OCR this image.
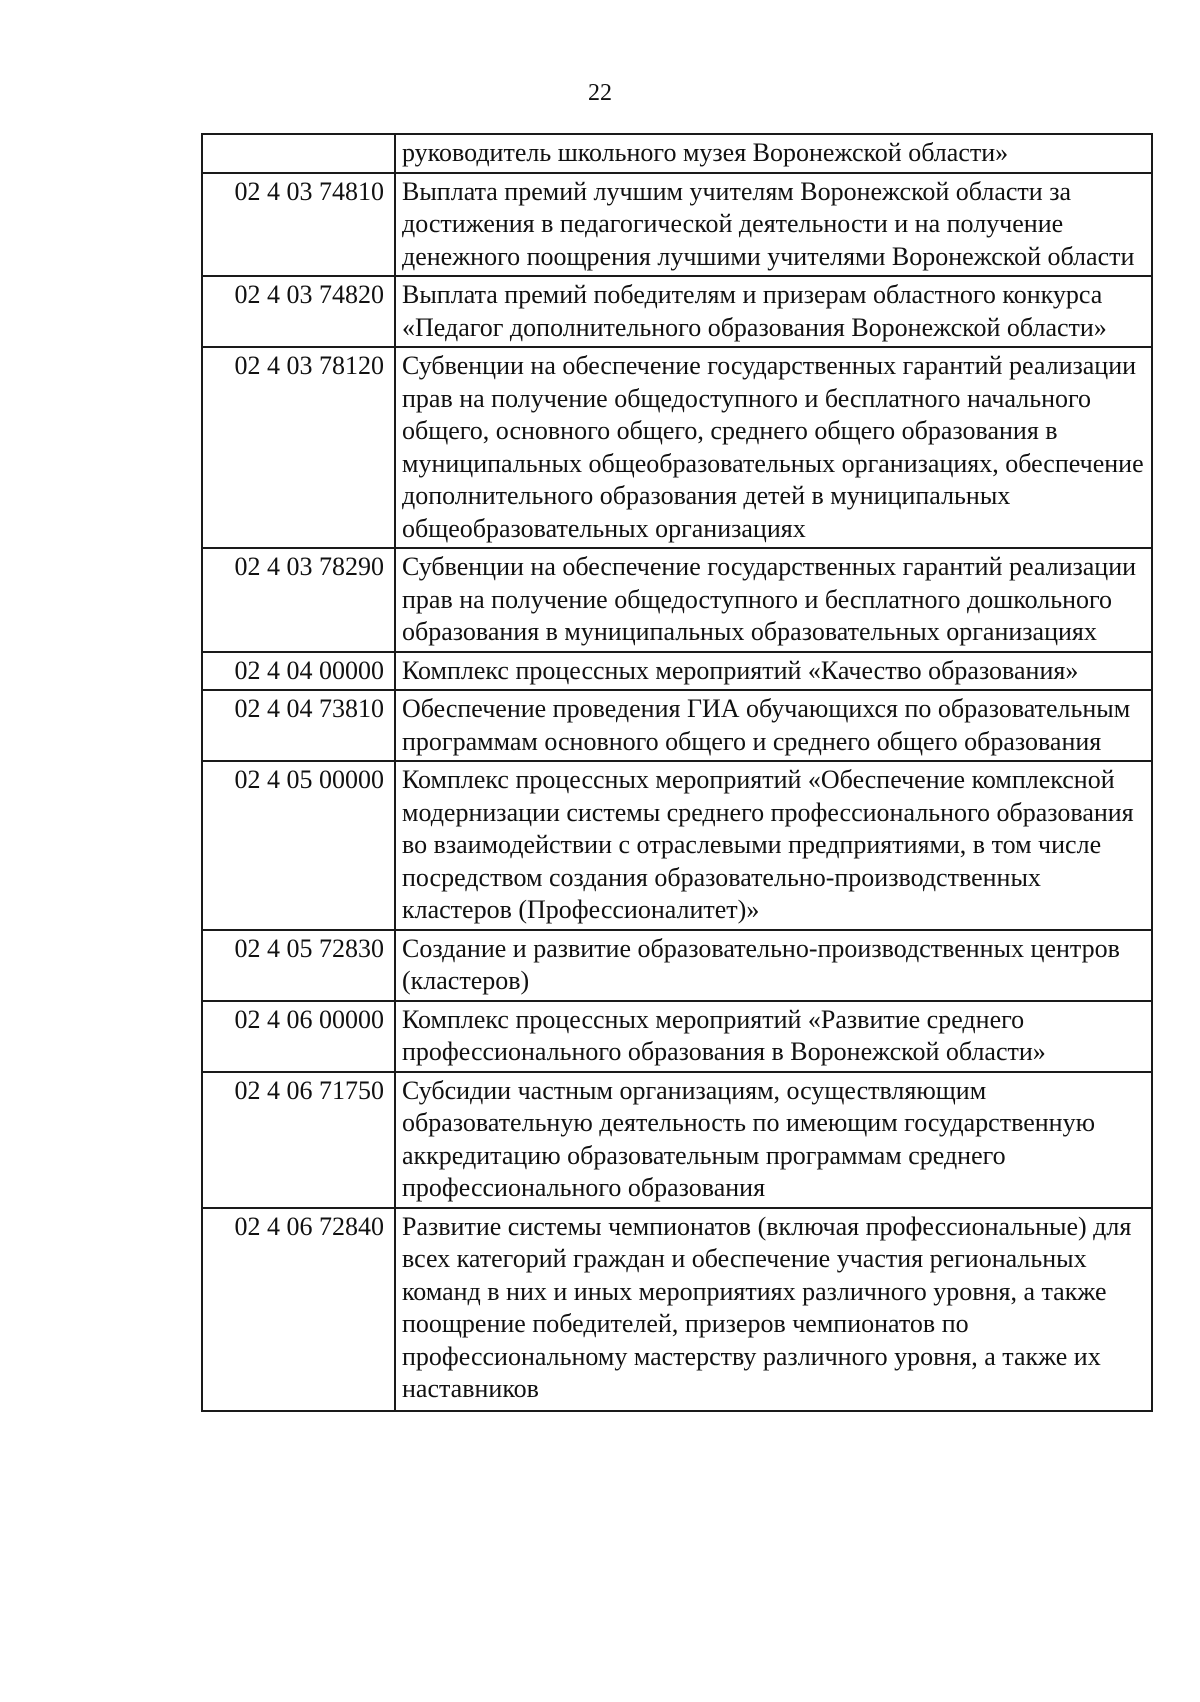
22
	руководитель школьного музея Воронежской области»
02 4 03 74810	Выплата премий лучшим учителям Воронежской области за достижения в педагогической деятельности и на получение денежного поощрения лучшими учителями Воронежской области
02 4 03 74820	Выплата премий победителям и призерам областного конкурса «Педагог дополнительного образования Воронежской области»
02 4 03 78120	Субвенции на обеспечение государственных гарантий реализации прав на получение общедоступного и бесплатного начального общего, основного общего, среднего общего образования в муниципальных общеобразовательных организациях, обеспечение дополнительного образования детей в муниципальных общеобразовательных организациях
02 4 03 78290	Субвенции на обеспечение государственных гарантий реализации прав на получение общедоступного и бесплатного дошкольного образования в муниципальных образовательных организациях
02 4 04 00000	Комплекс процессных мероприятий «Качество образования»
02 4 04 73810	Обеспечение проведения ГИА обучающихся по образовательным программам основного общего и среднего общего образования
02 4 05 00000	Комплекс процессных мероприятий «Обеспечение комплексной модернизации системы среднего профессионального образования во взаимодействии с отраслевыми предприятиями, в том числе посредством создания образовательно-производственных кластеров (Профессионалитет)»
02 4 05 72830	Создание и развитие образовательно-производственных центров (кластеров)
02 4 06 00000	Комплекс процессных мероприятий «Развитие среднего профессионального образования в Воронежской области»
02 4 06 71750	Субсидии частным организациям, осуществляющим образовательную деятельность по имеющим государственную аккредитацию образовательным программам среднего профессионального образования
02 4 06 72840	Развитие системы чемпионатов (включая профессиональные) для всех категорий граждан и обеспечение участия региональных команд в них и иных мероприятиях различного уровня, а также поощрение победителей, призеров чемпионатов по профессиональному мастерству различного уровня, а также их наставников
